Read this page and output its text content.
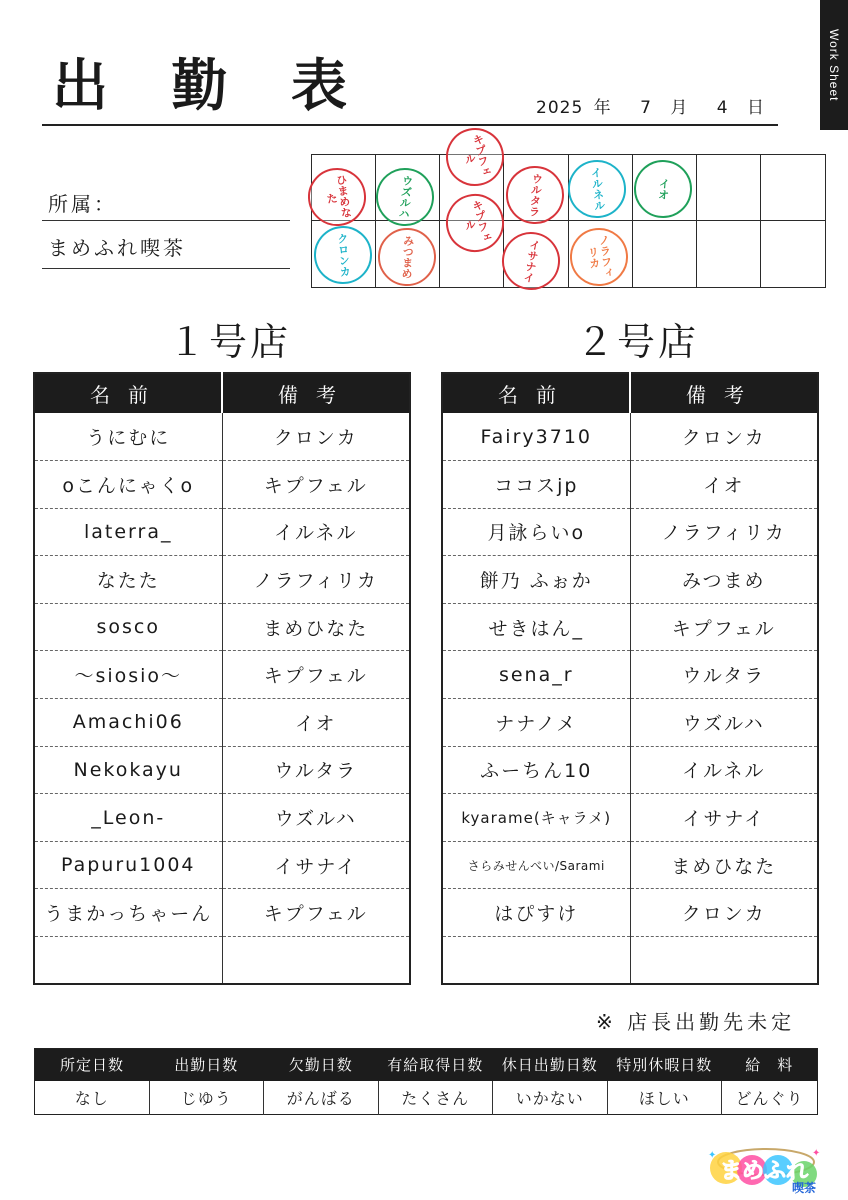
Work Sheet
出 勤 表	2025 年 7 月 4 日
所属：
まめふれ喫茶
ひまめなた	ウズルハ
キプフェル
ウルタラ	イルネル	イオ
クロンカ	みつまめ
キプフェル
イサナイ	ノラフィリカ
１号店	２号店
名前	備考
うにむに	クロンカ
oこんにゃくo	キプフェル
laterra_	イルネル
なたた	ノラフィリカ
sosco	まめひなた
〜siosio〜	キプフェル
Amachi06	イオ
Nekokayu	ウルタラ
_Leon-	ウズルハ
Papuru1004	イサナイ
うまかっちゃーん	キプフェル

名前	備考
Fairy3710	クロンカ
ココスjp	イオ
月詠らいo	ノラフィリカ
餅乃 ふぉか	みつまめ
せきはん_	キプフェル
sena_r	ウルタラ
ナナノメ	ウズルハ
ふーちん10	イルネル
kyarame(キャラメ)	イサナイ
さらみせんべい/Sarami	まめひなた
はぴすけ	クロンカ

※ 店長出勤先未定
所定日数	出勤日数	欠勤日数	有給取得日数	休日出勤日数	特別休暇日数	給　料
なし	じゆう	がんばる	たくさん	いかない	ほしい	どんぐり
まめふれ
喫茶
✦	✦
